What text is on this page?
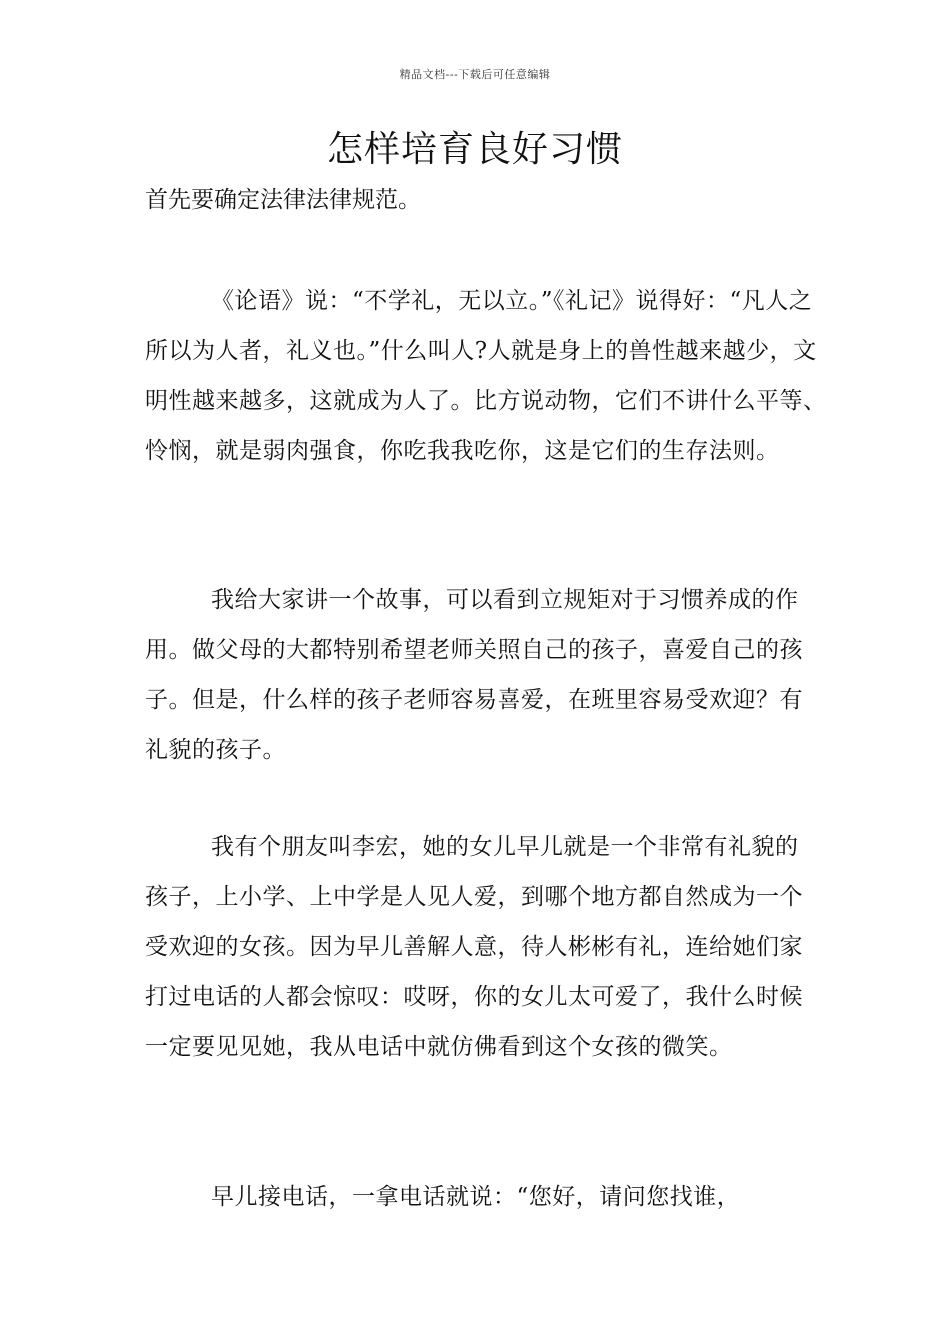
精品文档---下载后可任意编辑
怎样培育良好习惯

首先要确定法律法律规范。

《论语》说：“不学礼，无以立。”《礼记》说得好：“凡人之所以为人者，礼义也。”什么叫人?人就是身上的兽性越来越少，文明性越来越多，这就成为人了。比方说动物，它们不讲什么平等、怜悯，就是弱肉强食，你吃我我吃你，这是它们的生存法则。

我给大家讲一个故事，可以看到立规矩对于习惯养成的作用。做父母的大都特别希望老师关照自己的孩子，喜爱自己的孩子。但是，什么样的孩子老师容易喜爱，在班里容易受欢迎？有礼貌的孩子。

我有个朋友叫李宏，她的女儿早儿就是一个非常有礼貌的孩子，上小学、上中学是人见人爱，到哪个地方都自然成为一个受欢迎的女孩。因为早儿善解人意，待人彬彬有礼，连给她们家打过电话的人都会惊叹：哎呀，你的女儿太可爱了，我什么时候一定要见见她，我从电话中就仿佛看到这个女孩的微笑。

早儿接电话，一拿电话就说：“您好，请问您找谁，
